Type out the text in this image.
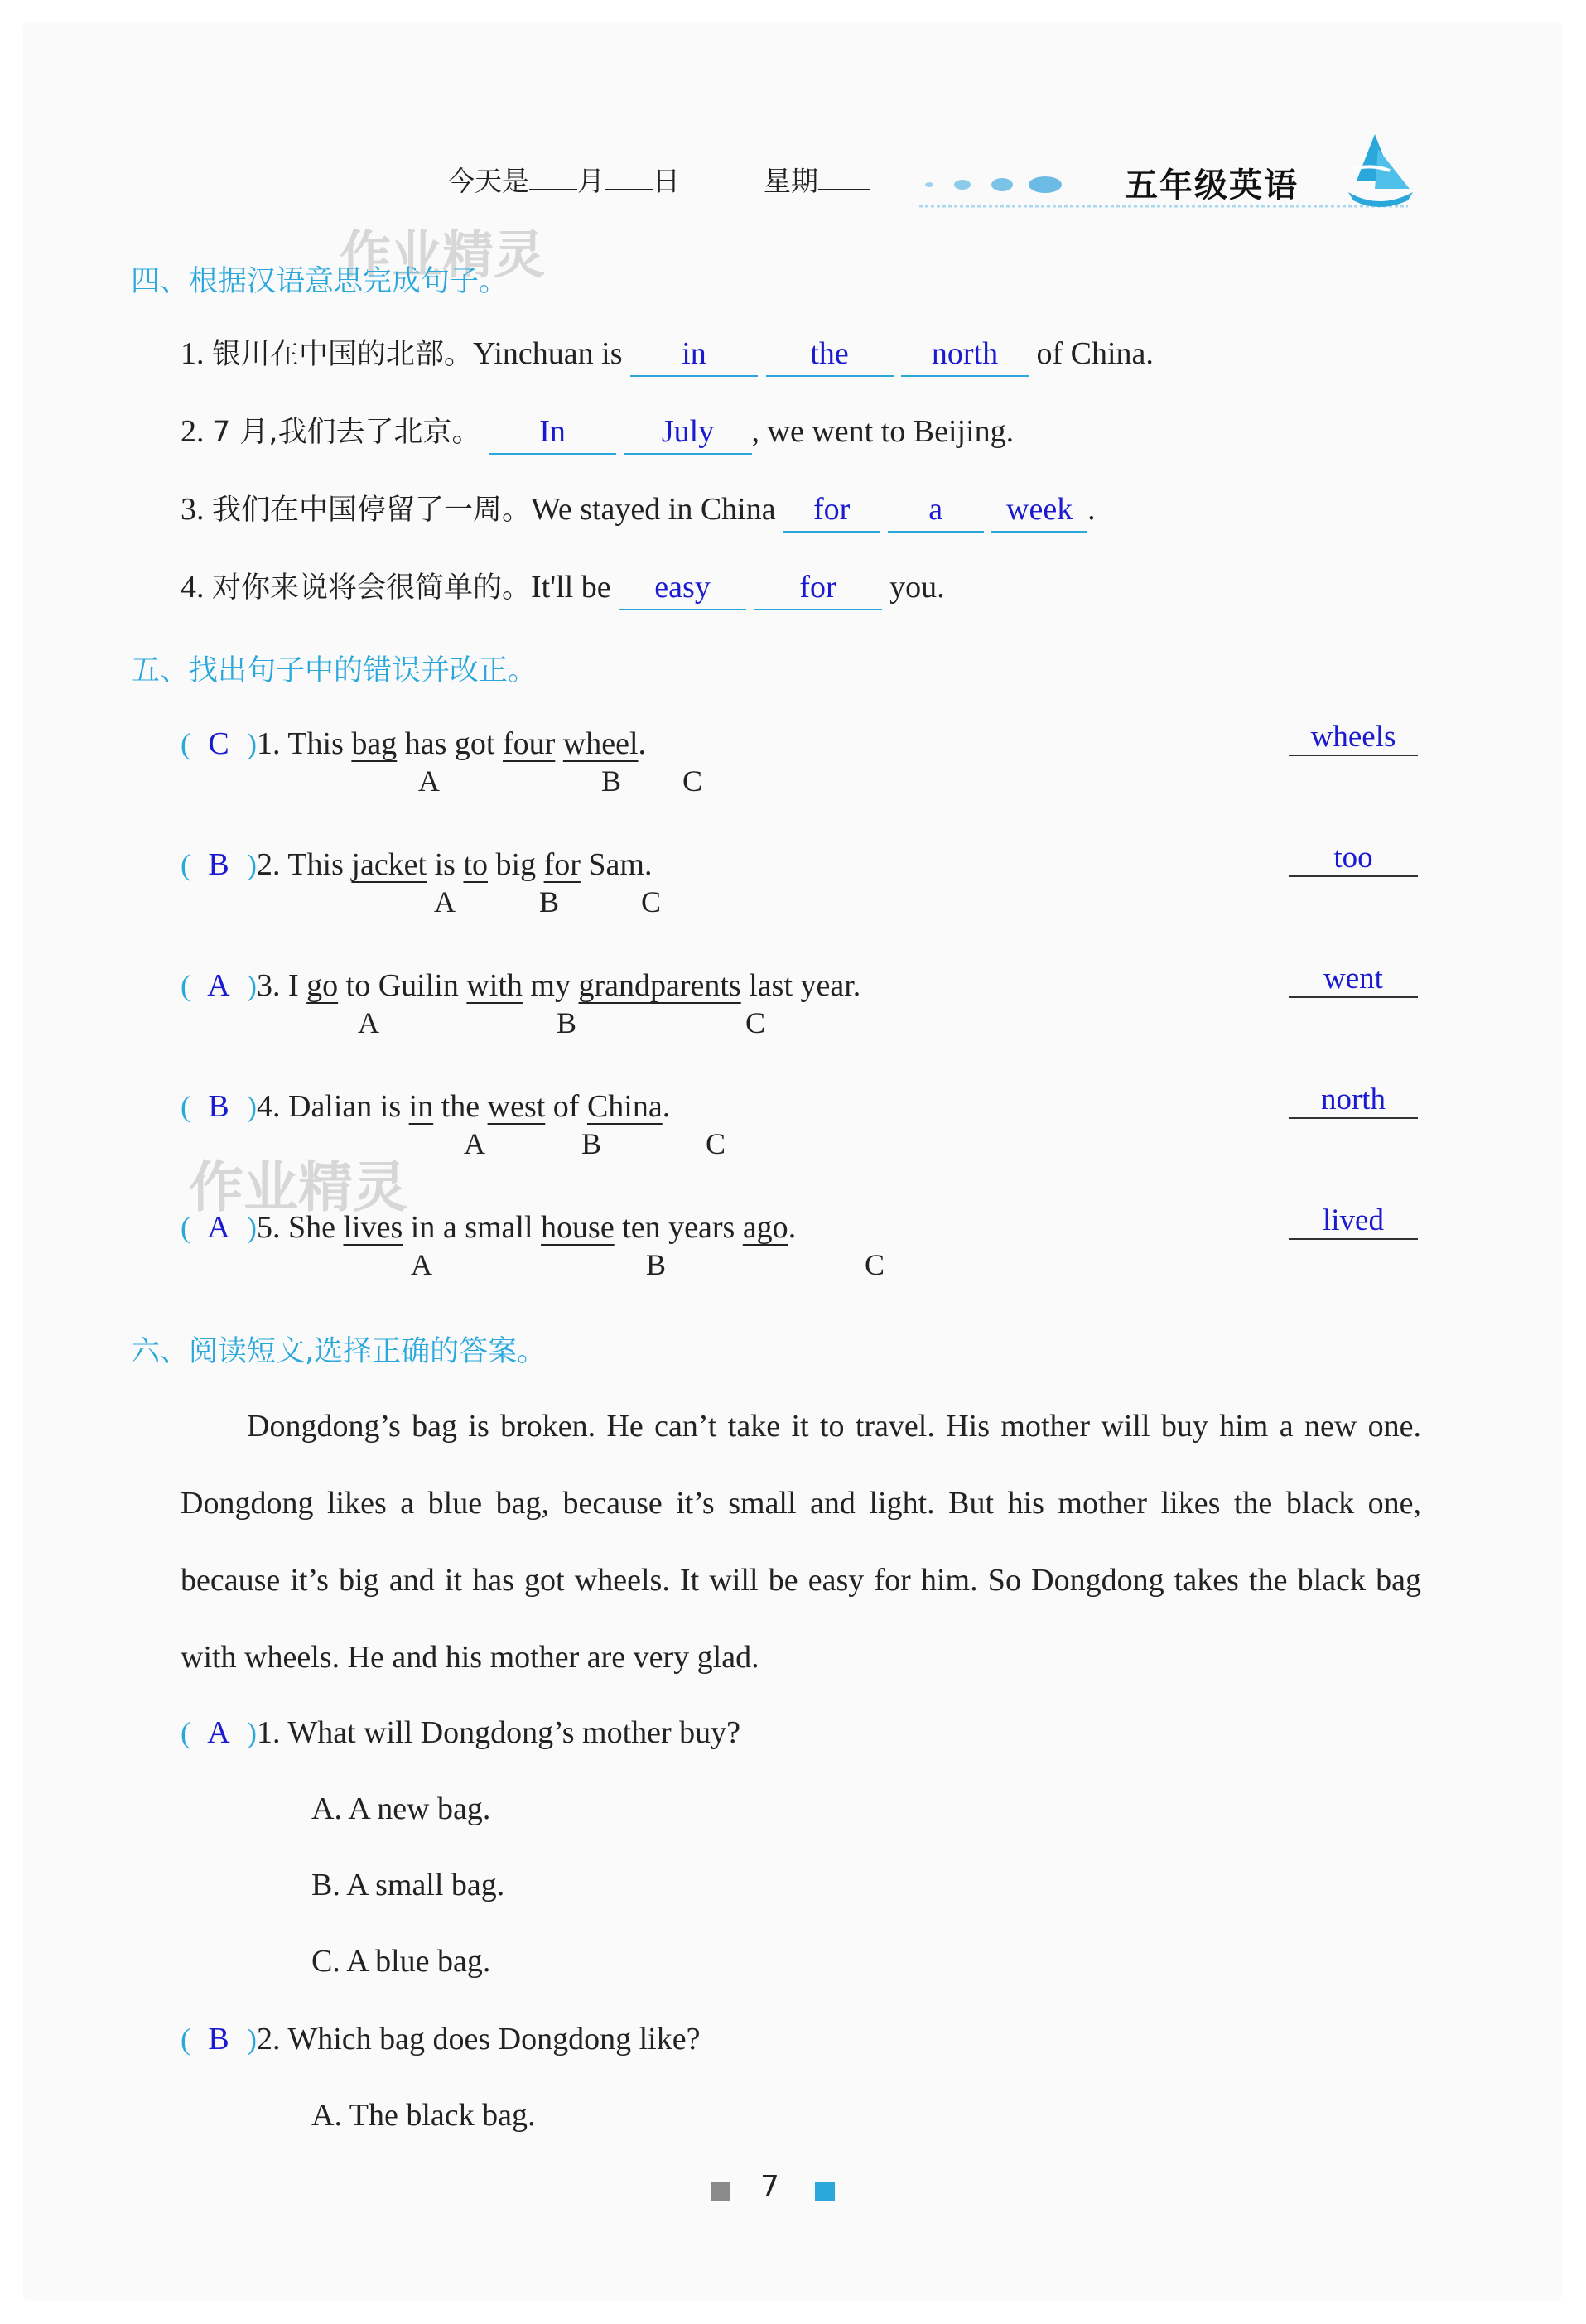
今天是 月 日	星期	五年级英语
作业精灵
四、根据汉语意思完成句子。
1. 银川在中国的北部。Yinchuan is in	the	north of China.
2. 7 月,我们去了北京。 In	July , we went to Beijing.
3. 我们在中国停留了一周。We stayed in China for a week .
4. 对你来说将会很简单的。It'll be easy	for you.
五、找出句子中的错误并改正。
( C )1. This bag has got four wheel.
A	B C
wheels
( B )2. This jacket is to big for Sam.
A	B	C
too
( A )3. I go to Guilin with my grandparents last year.
A	B	C
went
( B )4. Dalian is in the west of China.
A	B	C
north
作业精灵
( A )5. She lives in a small house ten years ago.
A	B	C
lived
六、阅读短文,选择正确的答案。
Dongdong’s bag is broken. He can’t take it to travel. His mother will buy him a new one. Dongdong likes a blue bag, because it’s small and light. But his mother likes the black one, because it’s big and it has got wheels. It will be easy for him. So Dongdong takes the black bag with wheels. He and his mother are very glad.
( A )1. What will Dongdong’s mother buy?
A. A new bag.
B. A small bag.
C. A blue bag.
( B )2. Which bag does Dongdong like?
A. The black bag.
7
